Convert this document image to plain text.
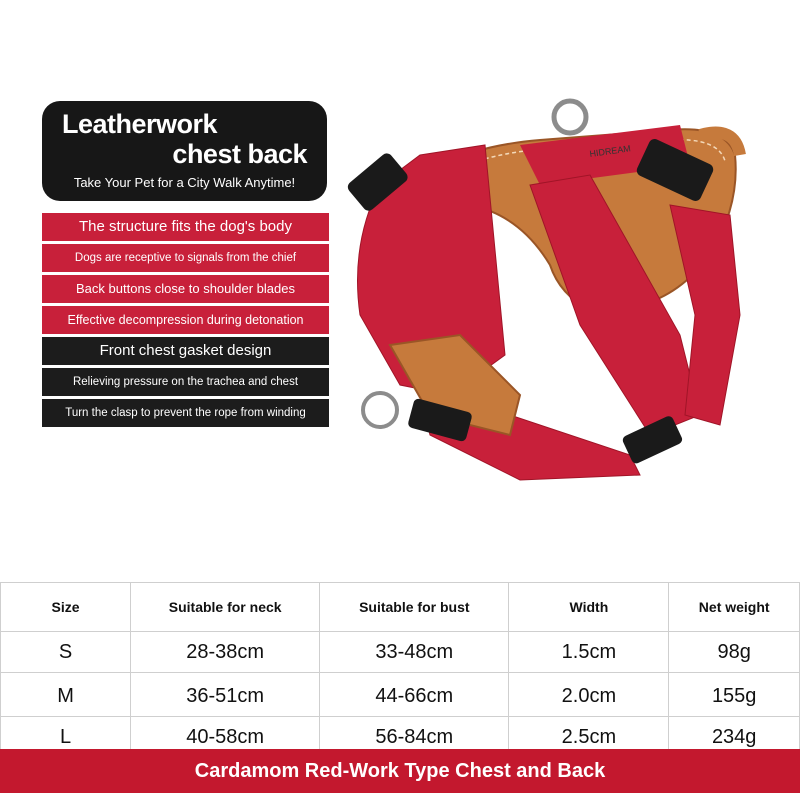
Leatherwork
chest back
Take Your Pet for a City Walk Anytime!
The structure fits the dog's body
Dogs are receptive to signals from the chief
Back buttons close to shoulder blades
Effective decompression during detonation
Front chest gasket design
Relieving pressure on the trachea and chest
Turn the clasp to prevent the rope from winding
HIDREAM
Size	Suitable for neck	Suitable for bust	Width	Net weight
S	28-38cm	33-48cm	1.5cm	98g
M	36-51cm	44-66cm	2.0cm	155g
L	40-58cm	56-84cm	2.5cm	234g
Cardamom Red-Work Type Chest and Back
